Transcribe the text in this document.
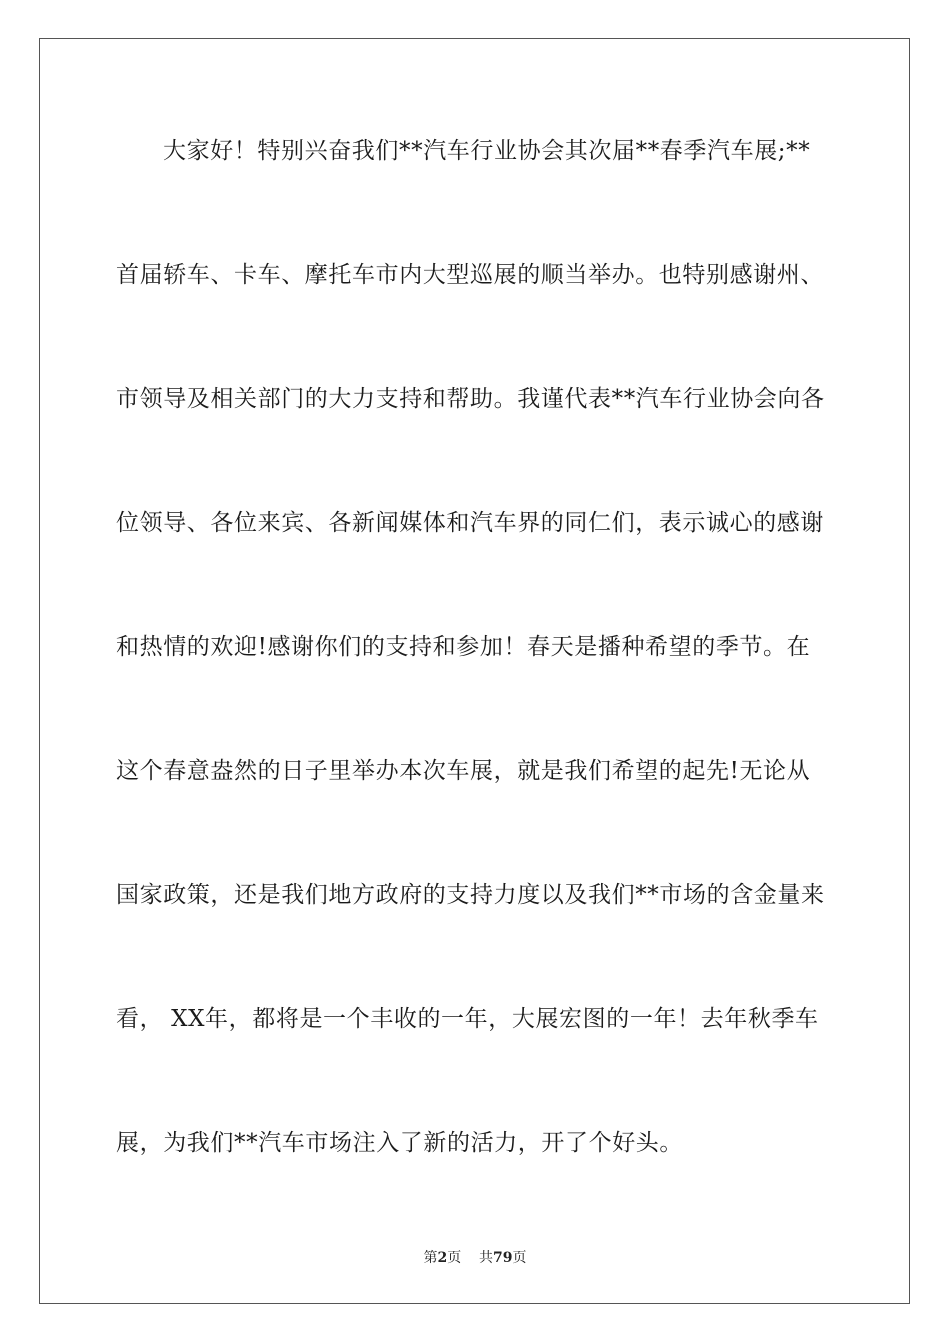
大家好！特别兴奋我们**汽车行业协会其次届**春季汽车展;**
首届轿车、卡车、摩托车市内大型巡展的顺当举办。也特别感谢州、
市领导及相关部门的大力支持和帮助。我谨代表**汽车行业协会向各
位领导、各位来宾、各新闻媒体和汽车界的同仁们，表示诚心的感谢
和热情的欢迎!感谢你们的支持和参加！春天是播种希望的季节。在
这个春意盎然的日子里举办本次车展，就是我们希望的起先!无论从
国家政策，还是我们地方政府的支持力度以及我们**市场的含金量来
看， XX年，都将是一个丰收的一年，大展宏图的一年！去年秋季车
展，为我们**汽车市场注入了新的活力，开了个好头。
第2页 共79页
